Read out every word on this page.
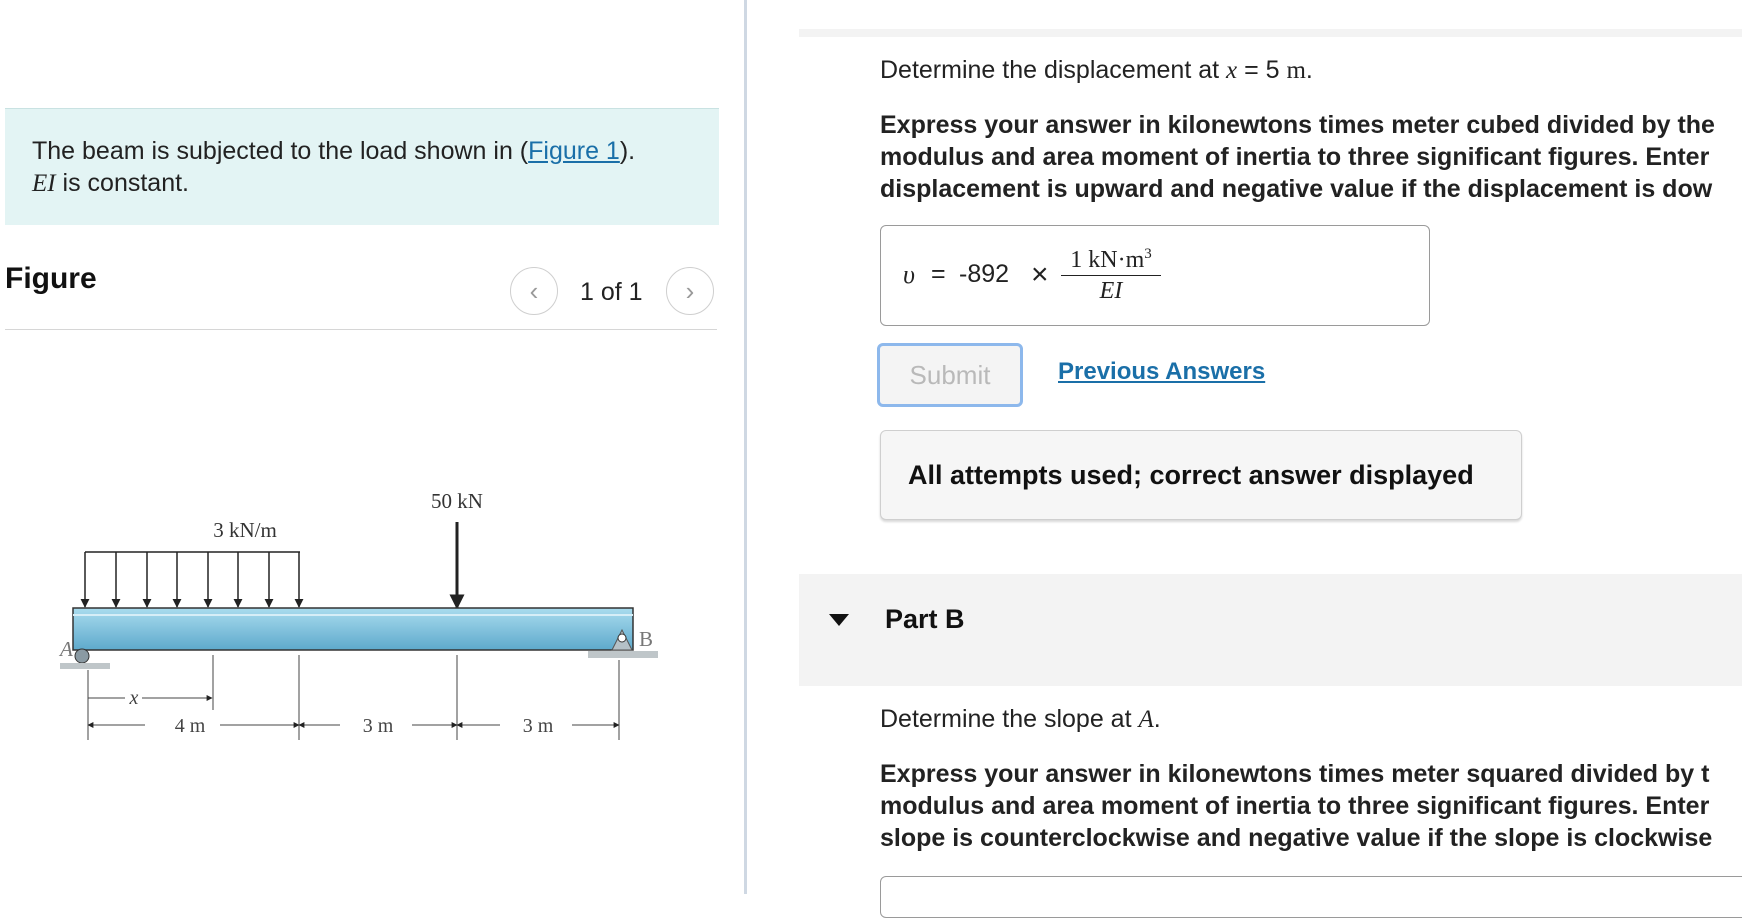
The beam is subjected to the load shown in (Figure 1).
EI is constant.
Figure	‹ 1 of 1 ›
3 kN/m
50 kN
A	B
x
4 m	3 m	3 m
Determine the displacement at x = 5 m.
Express your answer in kilonewtons times meter cubed divided by the
modulus and area moment of inertia to three significant figures. Enter
displacement is upward and negative value if the displacement is dow
$\upsilon = -892 \times \frac{1 kN\cdot m^3}{EI}$
Submit	Previous Answers
All attempts used; correct answer displayed
Part B
Determine the slope at A.
Express your answer in kilonewtons times meter squared divided by t
modulus and area moment of inertia to three significant figures. Enter
slope is counterclockwise and negative value if the slope is clockwise
